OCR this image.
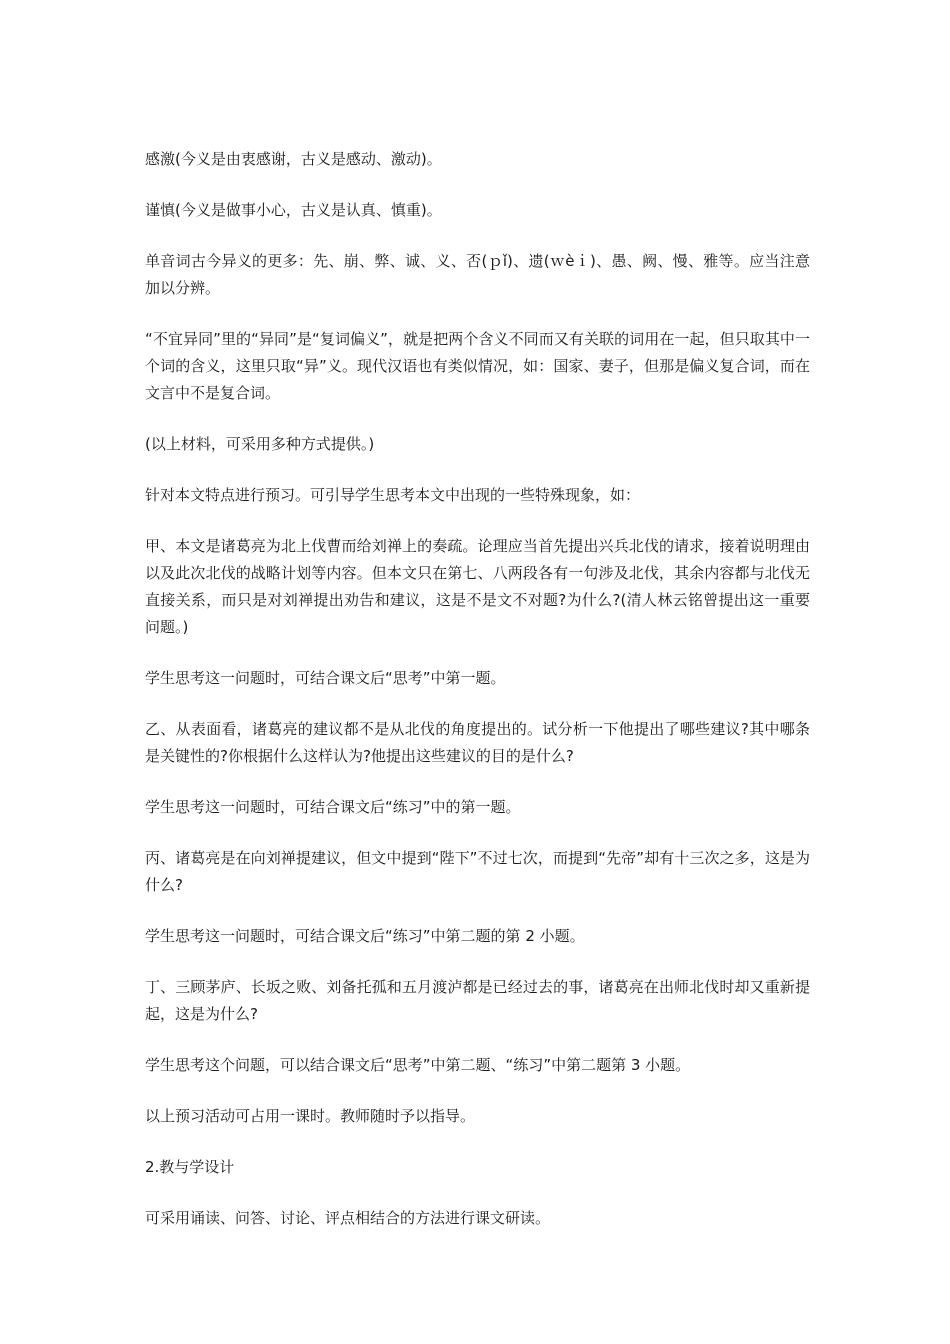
感激(今义是由衷感谢，古义是感动、激动)。

谨慎(今义是做事小心，古义是认真、慎重)。

单音词古今异义的更多：先、崩、弊、诚、义、否(ｐǐ)、遗(ｗèｉ)、愚、阙、慢、雅等。应当注意加以分辨。

“不宜异同”里的“异同”是“复词偏义”，就是把两个含义不同而又有关联的词用在一起，但只取其中一个词的含义，这里只取“异”义。现代汉语也有类似情况，如：国家、妻子，但那是偏义复合词，而在文言中不是复合词。

(以上材料，可采用多种方式提供。)

针对本文特点进行预习。可引导学生思考本文中出现的一些特殊现象，如：

甲、本文是诸葛亮为北上伐曹而给刘禅上的奏疏。论理应当首先提出兴兵北伐的请求，接着说明理由以及此次北伐的战略计划等内容。但本文只在第七、八两段各有一句涉及北伐，其余内容都与北伐无直接关系，而只是对刘禅提出劝告和建议，这是不是文不对题?为什么?(清人林云铭曾提出这一重要问题。)

学生思考这一问题时，可结合课文后“思考”中第一题。

乙、从表面看，诸葛亮的建议都不是从北伐的角度提出的。试分析一下他提出了哪些建议?其中哪条是关键性的?你根据什么这样认为?他提出这些建议的目的是什么?

学生思考这一问题时，可结合课文后“练习”中的第一题。

丙、诸葛亮是在向刘禅提建议，但文中提到“陛下”不过七次，而提到“先帝”却有十三次之多，这是为什么?

学生思考这一问题时，可结合课文后“练习”中第二题的第 2 小题。

丁、三顾茅庐、长坂之败、刘备托孤和五月渡泸都是已经过去的事，诸葛亮在出师北伐时却又重新提起，这是为什么?

学生思考这个问题，可以结合课文后“思考”中第二题、“练习”中第二题第 3 小题。

以上预习活动可占用一课时。教师随时予以指导。

2.教与学设计

可采用诵读、问答、讨论、评点相结合的方法进行课文研读。
